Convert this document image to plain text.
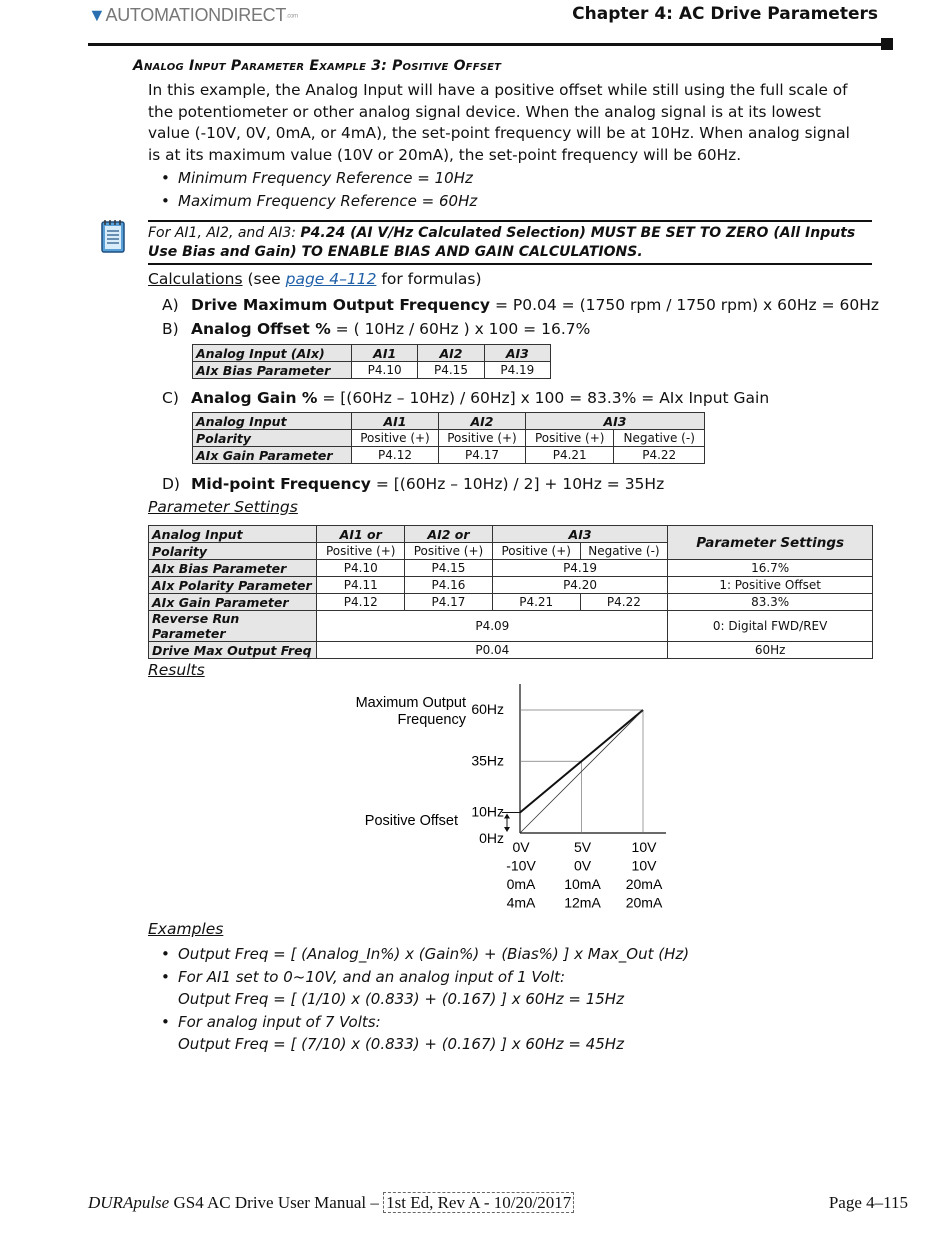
▼AUTOMATIONDIRECT.com	Chapter 4: AC Drive Parameters
Analog Input Parameter Example 3: Positive Offset
In this example, the Analog Input will have a positive offset while still using the full scale of the potentiometer or other analog signal device. When the analog signal is at its lowest value (-10V, 0V, 0mA, or 4mA), the set-point frequency will be at 10Hz. When analog signal is at its maximum value (10V or 20mA), the set-point frequency will be 60Hz.
• Minimum Frequency Reference = 10Hz
• Maximum Frequency Reference = 60Hz
For AI1, AI2, and AI3: P4.24 (AI V/Hz Calculated Selection) MUST BE SET TO ZERO (All Inputs Use Bias and Gain) TO ENABLE BIAS AND GAIN CALCULATIONS.
Calculations (see page 4–112 for formulas)
A) Drive Maximum Output Frequency = P0.04 = (1750 rpm / 1750 rpm) x 60Hz = 60Hz
B) Analog Offset % = ( 10Hz / 60Hz ) x 100 = 16.7%
Analog Input (AIx)	AI1	AI2	AI3
AIx Bias Parameter	P4.10	P4.15	P4.19
C) Analog Gain % = [(60Hz – 10Hz) / 60Hz] x 100 = 83.3% = AIx Input Gain
Analog Input	AI1	AI2	AI3	
Polarity	Positive (+)	Positive (+)	Positive (+)	Negative (-)
AIx Gain Parameter	P4.12	P4.17	P4.21	P4.22
D) Mid-point Frequency = [(60Hz – 10Hz) / 2] + 10Hz = 35Hz
Parameter Settings
Analog Input	AI1 or	AI2 or	AI3		Parameter Settings
Polarity	Positive (+)	Positive (+)	Positive (+)	Negative (-)	
AIx Bias Parameter	P4.10	P4.15	P4.19		16.7%
AIx Polarity Parameter	P4.11	P4.16	P4.20		1: Positive Offset
AIx Gain Parameter	P4.12	P4.17	P4.21	P4.22	83.3%
Reverse Run Parameter	P4.09				0: Digital FWD/REV
Drive Max Output Freq	P0.04				60Hz
Results
0Hz
10Hz
35Hz
60Hz
Maximum Output
Frequency
Positive Offset
0V	5V	10V
-10V	0V	10V
0mA 10mA 20mA
4mA 12mA 20mA
Examples
• Output Freq = [ (Analog_In%) x (Gain%) + (Bias%) ] x Max_Out (Hz)
• For AI1 set to 0~10V, and an analog input of 1 Volt:
Output Freq = [ (1/10) x (0.833) + (0.167) ] x 60Hz = 15Hz
• For analog input of 7 Volts:
Output Freq = [ (7/10) x (0.833) + (0.167) ] x 60Hz = 45Hz
DURApulse GS4 AC Drive User Manual – 1st Ed, Rev A - 10/20/2017	Page 4–115
